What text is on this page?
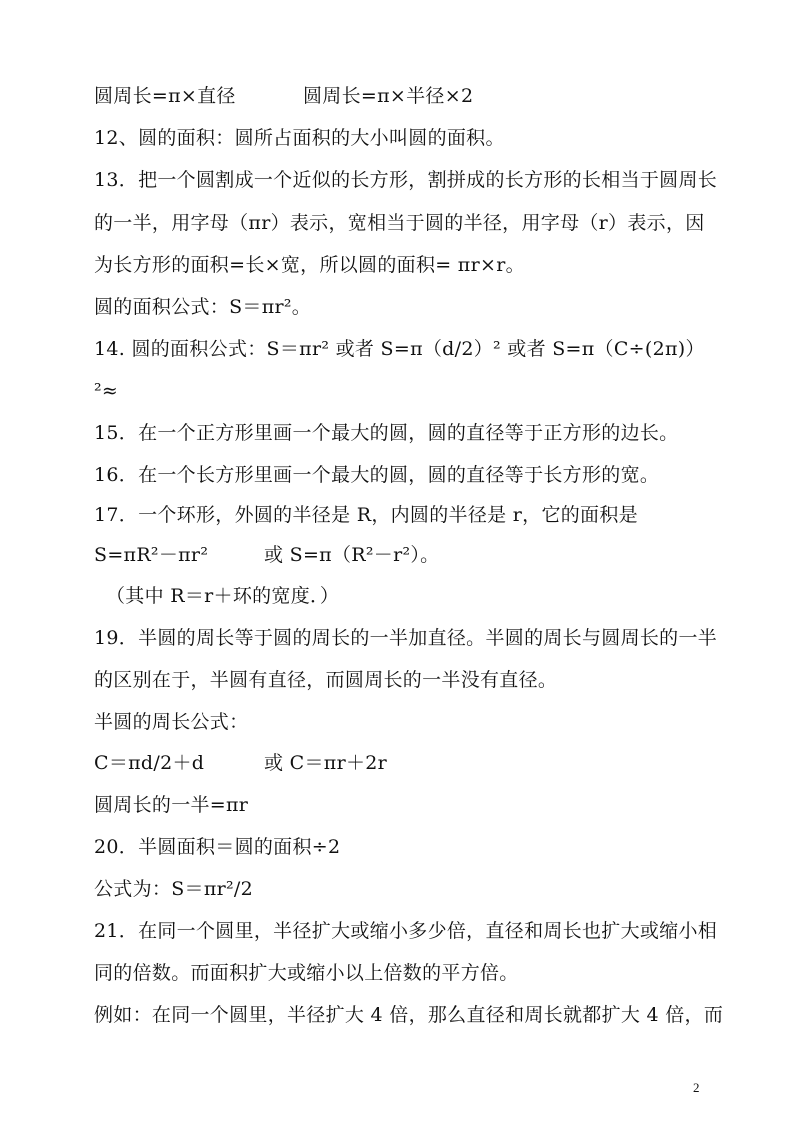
圆周长=π×直径	圆周长=π×半径×2
12、圆的面积：圆所占面积的大小叫圆的面积。
13．把一个圆割成一个近似的长方形，割拼成的长方形的长相当于圆周长
的一半，用字母（πr）表示，宽相当于圆的半径，用字母（r）表示，因
为长方形的面积=长×宽，所以圆的面积= πr×r。
圆的面积公式：S＝πr²。
14. 圆的面积公式：S＝πr² 或者 S=π（d/2）² 或者 S=π（C÷(2π)）
²≈
15．在一个正方形里画一个最大的圆，圆的直径等于正方形的边长。
16．在一个长方形里画一个最大的圆，圆的直径等于长方形的宽。
17．一个环形，外圆的半径是 R，内圆的半径是 r，它的面积是
S=πR²－πr²	或 S=π（R²－r²）。
（其中 R＝r＋环的宽度．）
19．半圆的周长等于圆的周长的一半加直径。半圆的周长与圆周长的一半
的区别在于，半圆有直径，而圆周长的一半没有直径。
半圆的周长公式：
C＝πd/2＋d	或 C＝πr＋2r
圆周长的一半=πr
20．半圆面积＝圆的面积÷2
公式为：S＝πr²/2
21．在同一个圆里，半径扩大或缩小多少倍，直径和周长也扩大或缩小相
同的倍数。而面积扩大或缩小以上倍数的平方倍。
例如：在同一个圆里，半径扩大 4 倍，那么直径和周长就都扩大 4 倍，而
2
